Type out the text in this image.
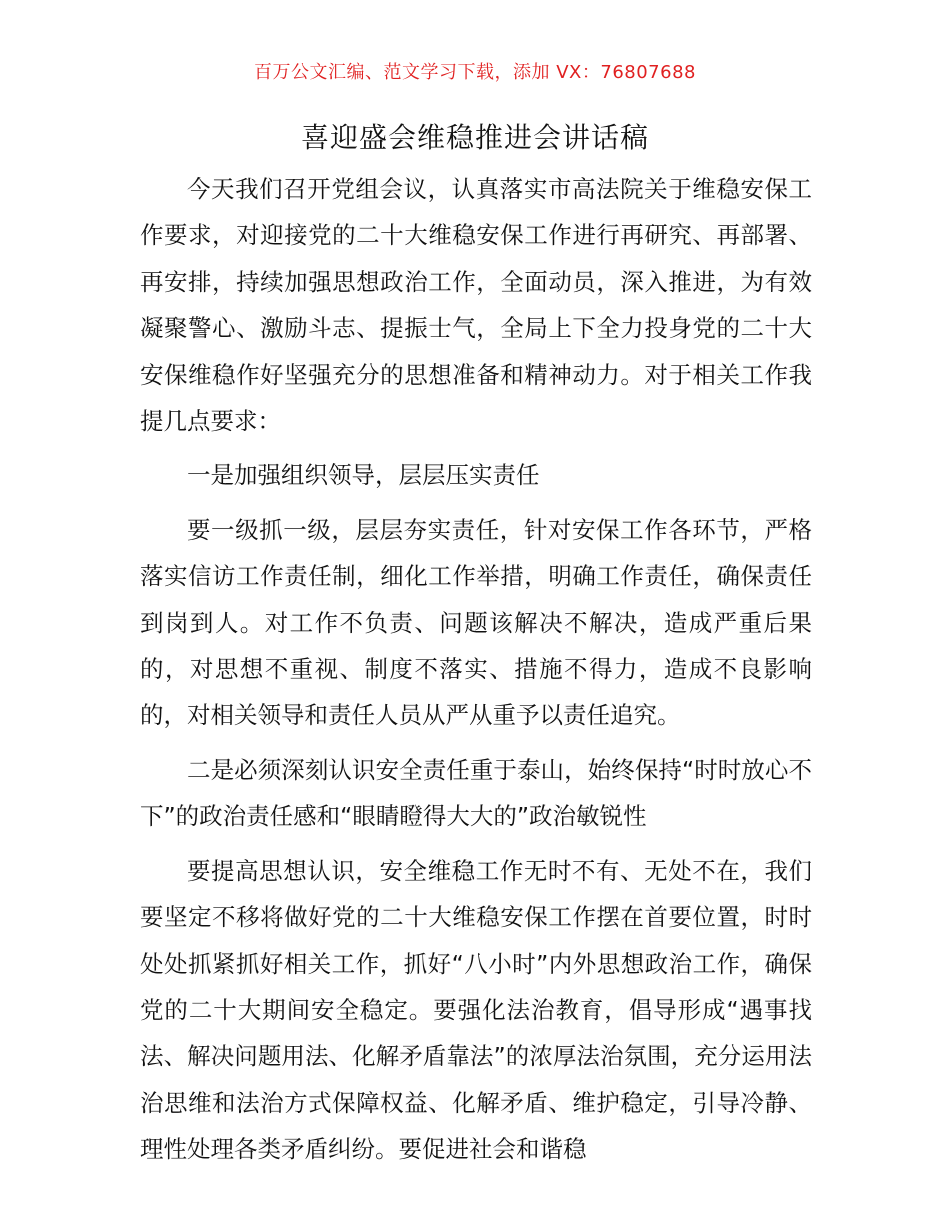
百万公文汇编、范文学习下载，添加 VX：76807688
喜迎盛会维稳推进会讲话稿

今天我们召开党组会议，认真落实市高法院关于维稳安保工作要求，对迎接党的二十大维稳安保工作进行再研究、再部署、再安排，持续加强思想政治工作，全面动员，深入推进，为有效凝聚警心、激励斗志、提振士气，全局上下全力投身党的二十大安保维稳作好坚强充分的思想准备和精神动力。对于相关工作我提几点要求：

一是加强组织领导，层层压实责任

要一级抓一级，层层夯实责任，针对安保工作各环节，严格落实信访工作责任制，细化工作举措，明确工作责任，确保责任到岗到人。对工作不负责、问题该解决不解决，造成严重后果的，对思想不重视、制度不落实、措施不得力，造成不良影响的，对相关领导和责任人员从严从重予以责任追究。

二是必须深刻认识安全责任重于泰山，始终保持“时时放心不下”的政治责任感和“眼睛瞪得大大的”政治敏锐性

要提高思想认识，安全维稳工作无时不有、无处不在，我们要坚定不移将做好党的二十大维稳安保工作摆在首要位置，时时处处抓紧抓好相关工作，抓好“八小时”内外思想政治工作，确保党的二十大期间安全稳定。要强化法治教育，倡导形成“遇事找法、解决问题用法、化解矛盾靠法”的浓厚法治氛围，充分运用法治思维和法治方式保障权益、化解矛盾、维护稳定，引导冷静、理性处理各类矛盾纠纷。要促进社会和谐稳
